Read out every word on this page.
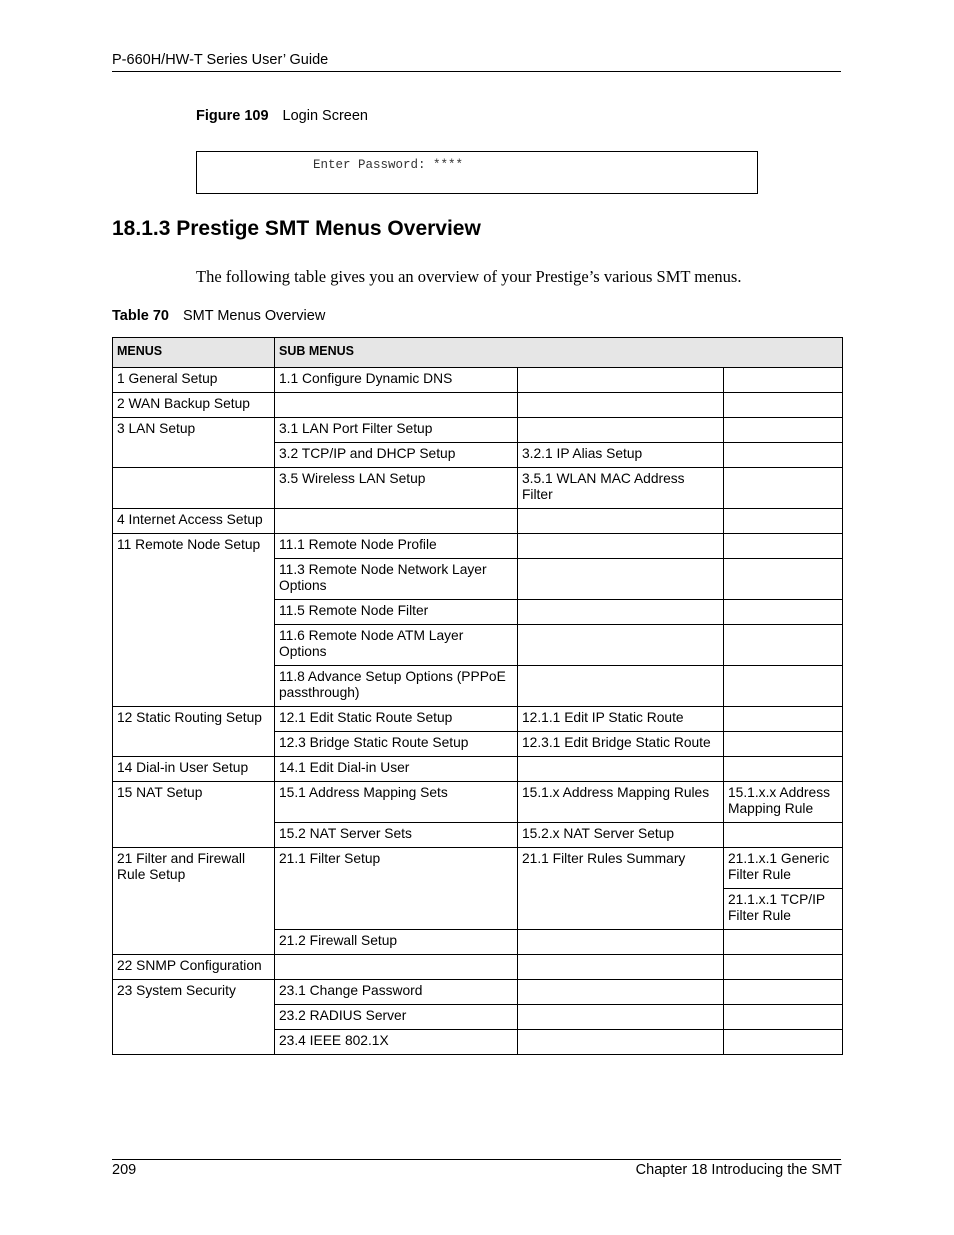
P-660H/HW-T Series User’ Guide
Figure 109 Login Screen
Enter Password: ****
18.1.3 Prestige SMT Menus Overview
The following table gives you an overview of your Prestige’s various SMT menus.
Table 70 SMT Menus Overview
MENUS	SUB MENUS		
1 General Setup	1.1 Configure Dynamic DNS		
2 WAN Backup Setup			
3 LAN Setup	3.1 LAN Port Filter Setup		
	3.2 TCP/IP and DHCP Setup	3.2.1 IP Alias Setup	
	3.5 Wireless LAN Setup	3.5.1 WLAN MAC Address Filter	
4 Internet Access Setup			
11 Remote Node Setup	11.1 Remote Node Profile		
	11.3 Remote Node Network Layer Options		
	11.5 Remote Node Filter		
	11.6 Remote Node ATM Layer Options		
	11.8 Advance Setup Options (PPPoE passthrough)		
12 Static Routing Setup	12.1 Edit Static Route Setup	12.1.1 Edit IP Static Route	
	12.3 Bridge Static Route Setup	12.3.1 Edit Bridge Static Route	
14 Dial-in User Setup	14.1 Edit Dial-in User		
15 NAT Setup	15.1 Address Mapping Sets	15.1.x Address Mapping Rules	15.1.x.x Address Mapping Rule
	15.2 NAT Server Sets	15.2.x NAT Server Setup	
21 Filter and Firewall Rule Setup	21.1 Filter Setup	21.1 Filter Rules Summary	21.1.x.1 Generic Filter Rule
			21.1.x.1 TCP/IP Filter Rule
	21.2 Firewall Setup		
22 SNMP Configuration			
23 System Security	23.1 Change Password		
	23.2 RADIUS Server		
	23.4 IEEE 802.1X		
209	Chapter 18 Introducing the SMT
